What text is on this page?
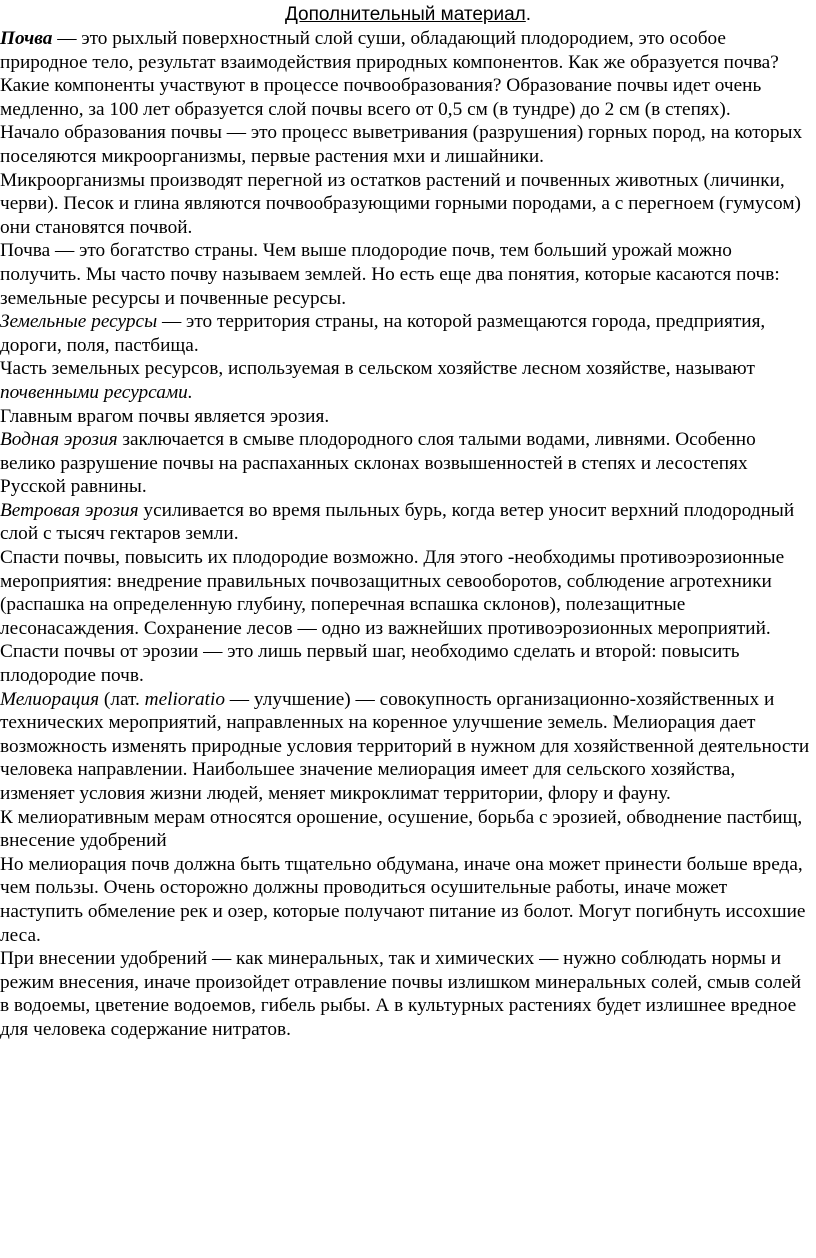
Дополнительный материал.

Почва — это рыхлый поверхностный слой суши, обладающий плодородием, это особое природное тело, результат взаимодействия природных компонентов. Как же образуется почва? Какие компоненты участвуют в процессе почвообразования? Образование почвы идет очень медленно, за 100 лет образуется слой почвы всего от 0,5 см (в тундре) до 2 см (в степях).

Начало образования почвы — это процесс выветривания (разрушения) горных пород, на которых поселяются микроорганизмы, первые растения мхи и лишайники.

Микроорганизмы производят перегной из остатков растений и почвенных животных (личинки, черви). Песок и глина являются почвообразующими горными породами, а с перегноем (гумусом) они становятся почвой.

Почва — это богатство страны. Чем выше плодородие почв, тем больший урожай можно получить. Мы часто почву называем землей. Но есть еще два понятия, которые касаются почв: земельные ресурсы и почвенные ресурсы.

Земельные ресурсы — это территория страны, на которой размещаются города, предприятия, дороги, поля, пастбища.

Часть земельных ресурсов, используемая в сельском хозяйстве лесном хозяйстве, называют почвенными ресурсами.

Главным врагом почвы является эрозия.

Водная эрозия заключается в смыве плодородного слоя талыми водами, ливнями. Особенно велико разрушение почвы на распаханных склонах возвышенностей в степях и лесостепях Русской равнины.

Ветровая эрозия усиливается во время пыльных бурь, когда ветер уносит верхний плодородный слой с тысяч гектаров земли.

Спасти почвы, повысить их плодородие возможно. Для этого -необходимы противоэрозионные мероприятия: внедрение правильных почвозащитных севооборотов, соблюдение агротехники (распашка на определенную глубину, поперечная вспашка склонов), полезащитные лесонасаждения. Сохранение лесов — одно из важнейших противоэрозионных мероприятий. Спасти почвы от эрозии — это лишь первый шаг, необходимо сделать и второй: повысить плодородие почв.

Мелиорация (лат. melioratio — улучшение) — совокупность организационно-хозяйственных и технических мероприятий, направленных на коренное улучшение земель. Мелиорация дает возможность изменять природные условия территорий в нужном для хозяйственной деятельности человека направлении. Наибольшее значение мелиорация имеет для сельского хозяйства, изменяет условия жизни людей, меняет микроклимат территории, флору и фауну.

К мелиоративным мерам относятся орошение, осушение, борьба с эрозией, обводнение пастбищ, внесение удобрений

Но мелиорация почв должна быть тщательно обдумана, иначе она может принести больше вреда, чем пользы. Очень осторожно должны проводиться осушительные работы, иначе может наступить обмеление рек и озер, которые получают питание из болот. Могут погибнуть иссохшие леса.

При внесении удобрений — как минеральных, так и химических — нужно соблюдать нормы и режим внесения, иначе произойдет отравление почвы излишком минеральных солей, смыв солей в водоемы, цветение водоемов, гибель рыбы. А в культурных растениях будет излишнее вредное для человека содержание нитратов.
